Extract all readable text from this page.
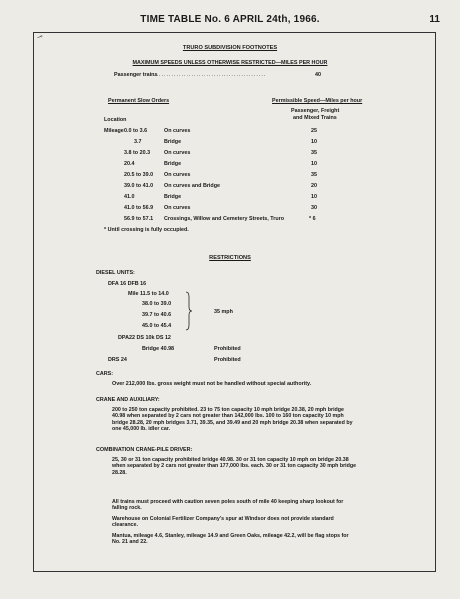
TIME TABLE No. 6 APRIL 24th, 1966.	11
⊸
TRURO SUBDIVISION FOOTNOTES
MAXIMUM SPEEDS UNLESS OTHERWISE RESTRICTED—MILES PER HOUR
Passenger trains
.............................................	40
Permanent Slow Orders	Permissible Speed—Miles per hour
Passenger, Freight
and Mixed Trains
Location
Mileage 0.0 to 3.6	On curves	25
3.7	Bridge	10
3.8 to 20.3	On curves	35
20.4	Bridge	10
20.5 to 39.0 On curves	35
39.0 to 41.0 On curves and Bridge	20
41.0	Bridge	10
41.0 to 56.9 On curves	30
56.9 to 57.1 Crossings, Willow and Cemetery Streets, Truro	* 6
* Until crossing is fully occupied.
RESTRICTIONS
DIESEL UNITS:
DFA 16 DFB 16
Mile 11.5 to 14.0
38.0 to 39.0
39.7 to 40.6
45.0 to 45.4
35 mph
DPA22 DS 10k DS 12
Bridge 40.98	Prohibited
DRS 24	Prohibited
CARS:
Over 212,000 lbs. gross weight must not be handled without special authority.
CRANE AND AUXILIARY:
200 to 250 ton capacity prohibited. 23 to 75 ton capacity 10 mph bridge 20.38, 20 mph bridge 40.98 when separated by 2 cars not greater than 142,000 lbs. 100 to 160 ton capacity 10 mph bridge 28.28, 20 mph bridges 3.71, 39.35, and 39.49 and 20 mph bridge 20.38 when separated by one 45,000 lb. idler car.
COMBINATION CRANE-PILE DRIVER:
25, 30 or 31 ton capacity prohibited bridge 40.98. 30 or 31 ton capacity 10 mph on bridge 20.38 when separated by 2 cars not greater than 177,000 lbs. each. 30 or 31 ton capacity 30 mph bridge 28.28.
All trains must proceed with caution seven poles south of mile 40 keeping sharp lookout for falling rock.
Warehouse on Colonial Fertilizer Company's spur at Windsor does not provide standard clearance.
Mantua, mileage 4.6, Stanley, mileage 14.9 and Green Oaks, mileage 42.2, will be flag stops for No. 21 and 22.
